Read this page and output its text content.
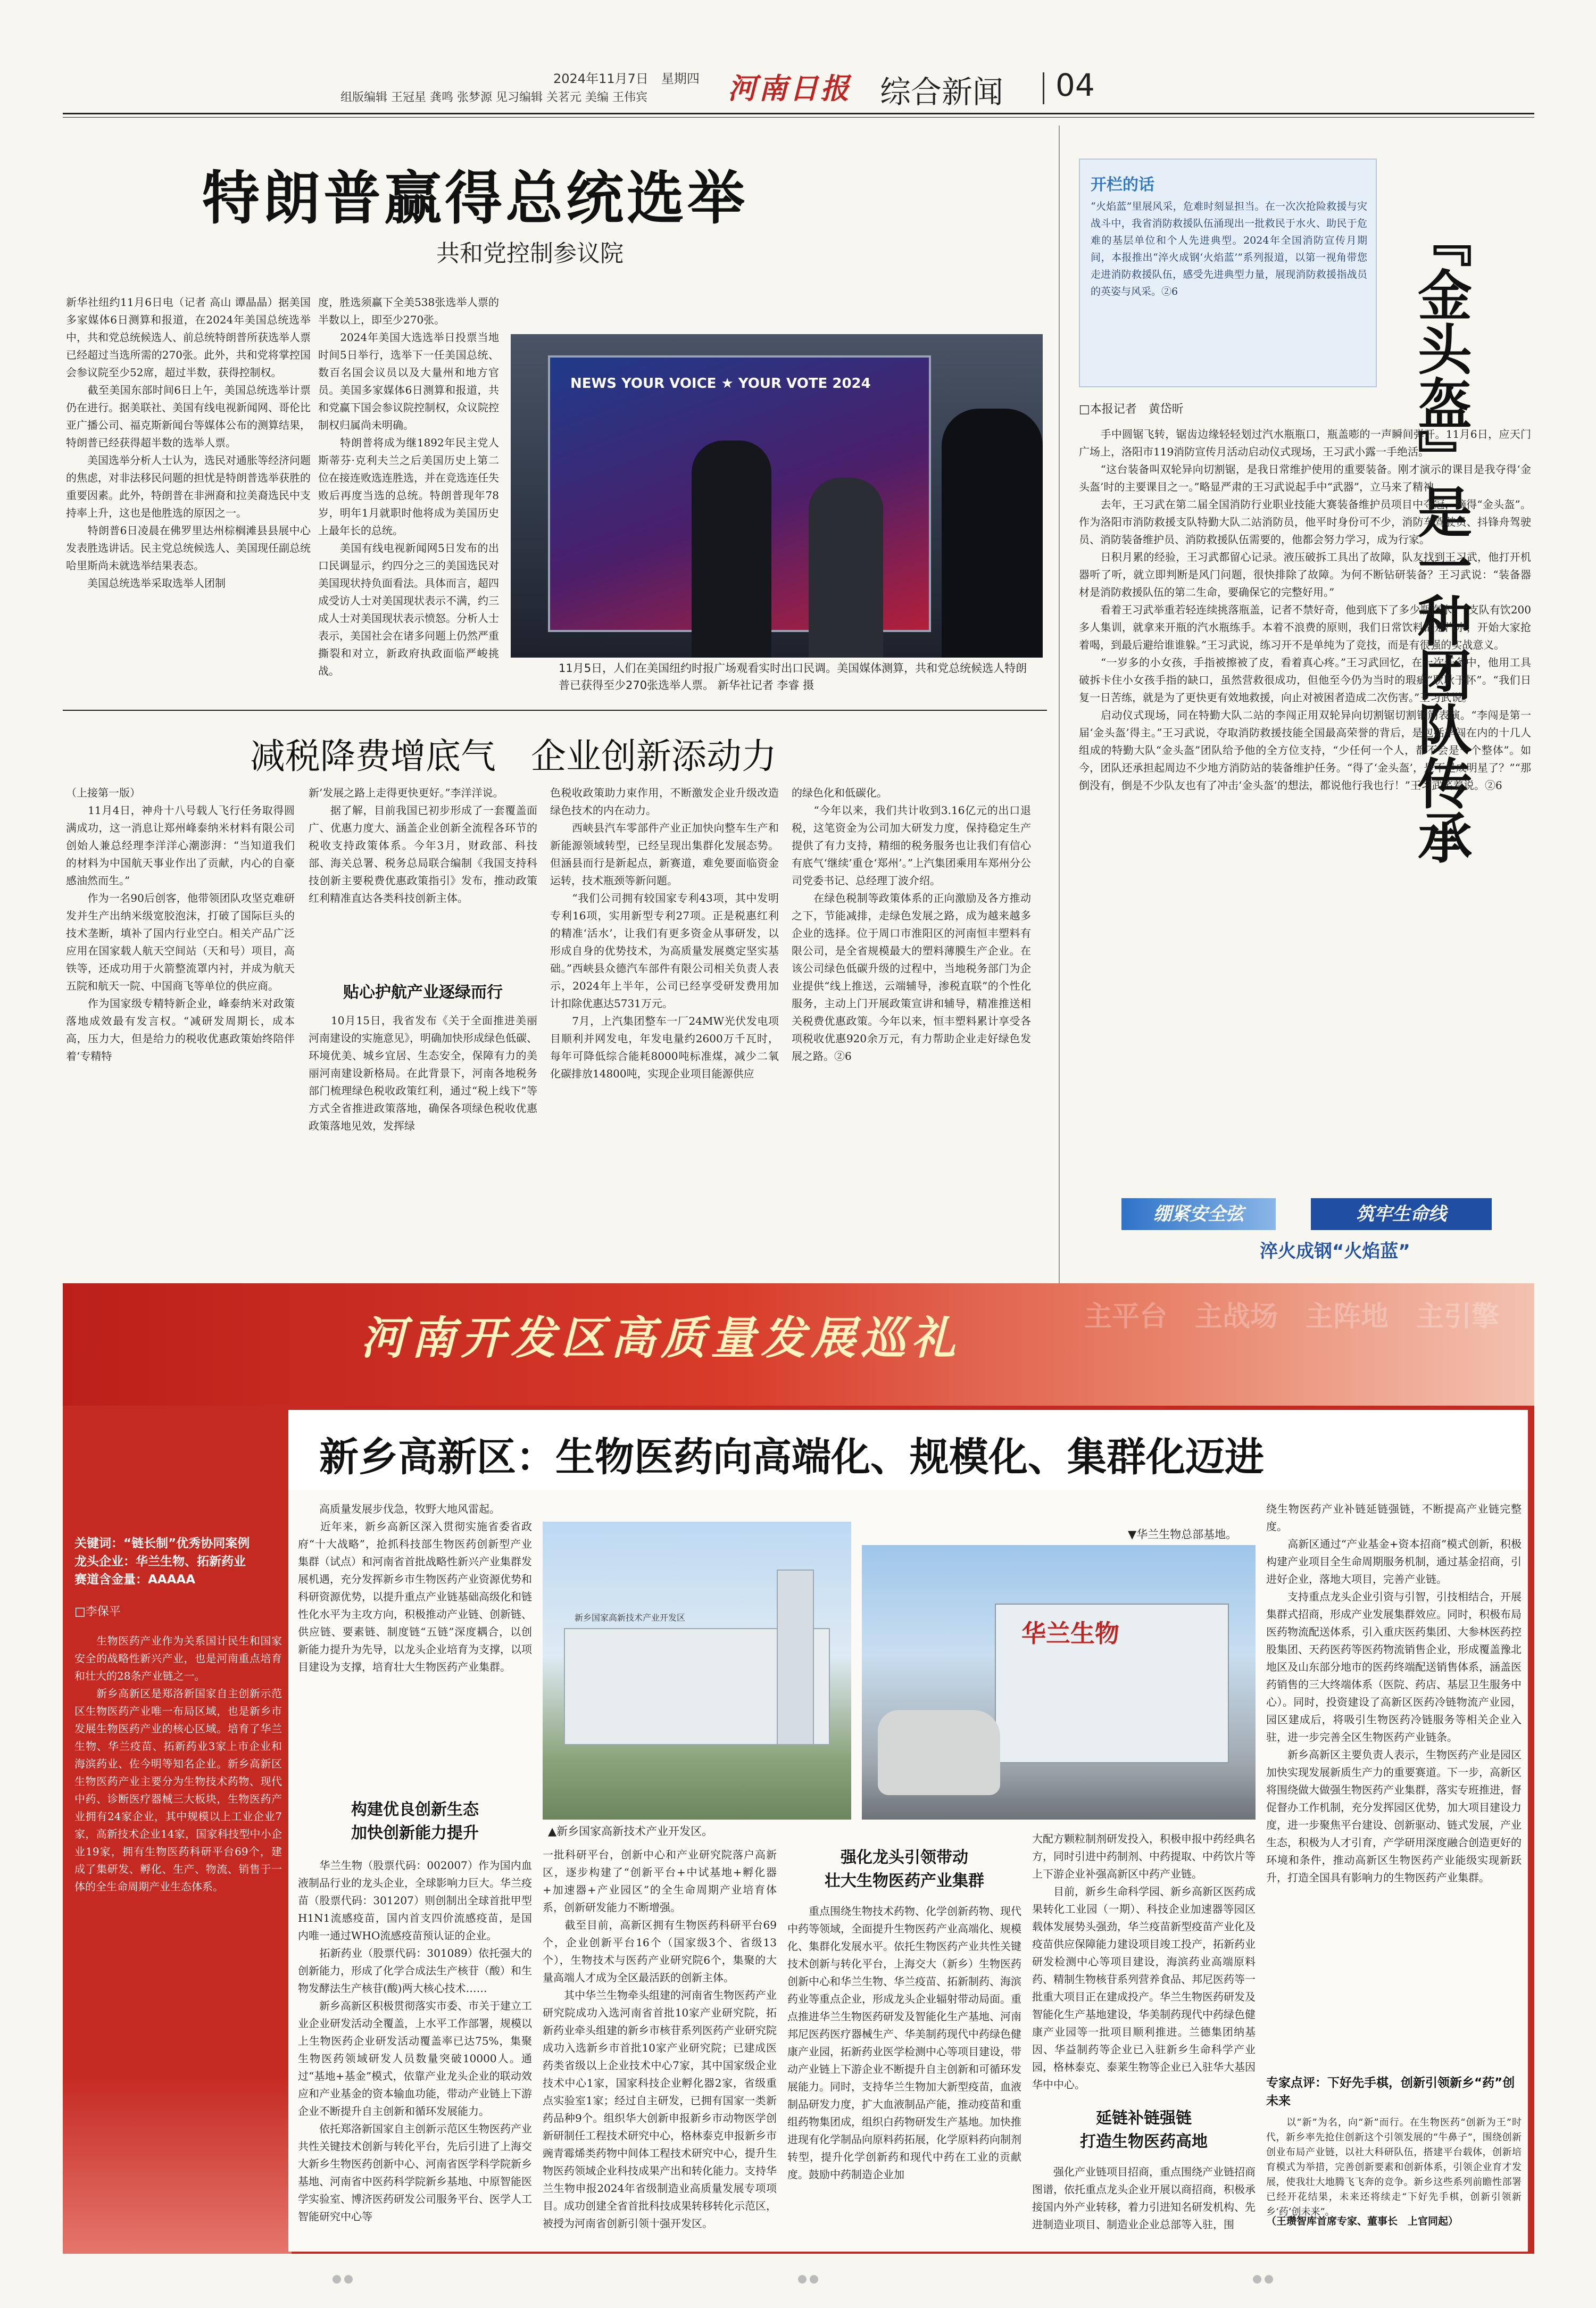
2024年11月7日　星期四
组版编辑 王冠星 龚鸣 张梦源 见习编辑 关茗元 美编 王伟宾	河南日报 综合新闻 04
特朗普赢得总统选举
共和党控制参议院
新华社纽约11月6日电（记者 高山 谭晶晶）据美国多家媒体6日测算和报道，在2024年美国总统选举中，共和党总统候选人、前总统特朗普所获选举人票已经超过当选所需的270张。此外，共和党将掌控国会参议院至少52席，超过半数，获得控制权。
　　截至美国东部时间6日上午，美国总统选举计票仍在进行。据美联社、美国有线电视新闻网、哥伦比亚广播公司、福克斯新闻台等媒体公布的测算结果，特朗普已经获得超半数的选举人票。
　　美国选举分析人士认为，选民对通胀等经济问题的焦虑，对非法移民问题的担忧是特朗普选举获胜的重要因素。此外，特朗普在非洲裔和拉美裔选民中支持率上升，这也是他胜选的原因之一。
　　特朗普6日凌晨在佛罗里达州棕榈滩县县展中心发表胜选讲话。民主党总统候选人、美国现任副总统哈里斯尚未就选举结果表态。
　　美国总统选举采取选举人团制
度，胜选须赢下全美538张选举人票的半数以上，即至少270张。
　　2024年美国大选选举日投票当地时间5日举行，选举下一任美国总统、数百名国会议员以及大量州和地方官员。美国多家媒体6日测算和报道，共和党赢下国会参议院控制权，众议院控制权归属尚未明确。
　　特朗普将成为继1892年民主党人斯蒂芬·克利夫兰之后美国历史上第二位在接连败选连胜选，并在竞选连任失败后再度当选的总统。特朗普现年78岁，明年1月就职时他将成为美国历史上最年长的总统。
　　美国有线电视新闻网5日发布的出口民调显示，约四分之三的美国选民对美国现状持负面看法。具体而言，超四成受访人士对美国现状表示不满，约三成人士对美国现状表示愤怒。分析人士表示，美国社会在诸多问题上仍然严重撕裂和对立，新政府执政面临严峻挑战。
NEWS YOUR VOICE ★ YOUR VOTE 2024
11月5日，人们在美国纽约时报广场观看实时出口民调。美国媒体测算，共和党总统候选人特朗普已获得至少270张选举人票。 新华社记者 李睿 摄
减税降费增底气　企业创新添动力
（上接第一版）
　　11月4日，神舟十八号载人飞行任务取得圆满成功，这一消息让郑州峰泰纳米材料有限公司创始人兼总经理李洋洋心潮澎湃：“当知道我们的材料为中国航天事业作出了贡献，内心的自豪感油然而生。”
　　作为一名90后创客，他带领团队攻坚克难研发并生产出纳米级宽胶泡沫，打破了国际巨头的技术垄断，填补了国内行业空白。相关产品广泛应用在国家载人航天空间站（天和号）项目，高铁等，还成功用于火箭整流罩内衬，并成为航天五院和航天一院、中国商飞等单位的供应商。
　　作为国家级专精特新企业，峰泰纳米对政策落地成效最有发言权。“减研发周期长，成本高，压力大，但是给力的税收优惠政策始终陪伴着‘专精特
新’发展之路上走得更快更好。”李洋洋说。
　　据了解，目前我国已初步形成了一套覆盖面广、优惠力度大、涵盖企业创新全流程各环节的税收支持政策体系。今年3月，财政部、科技部、海关总署、税务总局联合编制《我国支持科技创新主要税费优惠政策指引》发布，推动政策红利精准直达各类科技创新主体。
贴心护航产业逐绿而行
　　10月15日，我省发布《关于全面推进美丽河南建设的实施意见》，明确加快形成绿色低碳、环境优美、城乡宜居、生态安全，保障有力的美丽河南建设新格局。在此背景下，河南各地税务部门梳理绿色税收政策红利，通过“税上线下”等方式全省推进政策落地，确保各项绿色税收优惠政策落地见效，发挥绿
色税收政策助力束作用，不断激发企业升级改造绿色技术的内在动力。
　　西峡县汽车零部件产业正加快向整车生产和新能源领域转型，已经呈现出集群化发展态势。但涵县而行是新起点，新赛道，难免要面临资金运转，技术瓶颈等新问题。
　　“我们公司拥有较国家专利43项，其中发明专利16项，实用新型专利27项。正是税惠红利的精准‘活水’，让我们有更多资金从事研发，以形成自身的优势技术，为高质量发展奠定坚实基础。”西峡县众德汽车部件有限公司相关负责人表示，2024年上半年，公司已经享受研发费用加计扣除优惠达5731万元。
　　7月，上汽集团整车一厂24MW光伏发电项目顺利并网发电，年发电量约2600万千瓦时，每年可降低综合能耗8000吨标准煤，减少二氧化碳排放14800吨，实现企业项目能源供应
的绿色化和低碳化。
　　“今年以来，我们共计收到3.16亿元的出口退税，这笔资金为公司加大研发力度，保持稳定生产提供了有力支持，精细的税务服务也让我们有信心有底气‘继续’重仓‘郑州’。”上汽集团乘用车郑州分公司党委书记、总经理丁波介绍。
　　在绿色税制等政策体系的正向激励及各方推动之下，节能减排，走绿色发展之路，成为越来越多企业的选择。位于周口市淮阳区的河南恒丰塑料有限公司，是全省规模最大的塑料薄膜生产企业。在该公司绿色低碳升级的过程中，当地税务部门为企业提供“线上推送，云端辅导，渗税直联”的个性化服务，主动上门开展政策宣讲和辅导，精准推送相关税费优惠政策。今年以来，恒丰塑料累计享受各项税收优惠920余万元，有力帮助企业走好绿色发展之路。②6
开栏的话
“火焰蓝”里展风采，危难时刻显担当。在一次次抢险救援与灾战斗中，我省消防救援队伍涌现出一批救民于水火、助民于危难的基层单位和个人先进典型。2024年全国消防宣传月期间，本报推出“淬火成钢‘火焰蓝’”系列报道，以第一视角带您走进消防救援队伍，感受先进典型力量，展现消防救援指战员的英姿与风采。②6	『金头盔』是一种团队传承
□本报记者　黄岱昕
　　手中圆锯飞转，锯齿边缘轻轻划过汽水瓶瓶口，瓶盖嘭的一声瞬间弹开。11月6日，应天门广场上，洛阳市119消防宣传月活动启动仪式现场，王习武小露一手绝活。
　　“这台装备叫双轮异向切割锯，是我日常维护使用的重要装备。刚才演示的课目是我夺得‘金头盔’时的主要课目之一。”略显严肃的王习武说起手中“武器”，立马来了精神。
　　去年，王习武在第二届全国消防行业职业技能大赛装备维护员项目中夺冠，摘得“金头盔”。作为洛阳市消防救援支队特勤大队二站消防员，他平时身份可不少，消防车驾驶员、抖锋舟驾驶员、消防装备维护员、消防救援队伍需要的，他都会努力学习，成为行家。
　　日积月累的经验，王习武都留心记录。液压破拆工具出了故障，队友找到王习武，他打开机器听了听，就立即判断是风门问题，很快排除了故障。为何不断钻研装备？王习武说：“装备器材是消防救援队伍的第二生命，要确保它的完整好用。”
　　看着王习武举重若轻连续挑落瓶盖，记者不禁好奇，他到底下了多少瓶汽水？“支队有饮200多人集训，就拿来开瓶的汽水瓶练手。本着不浪费的原则，我们日常饮料都是汽水，开始大家抢着喝，到最后避给谁谁躲。”王习武说，练习开不是单纯为了竞技，而是有很强的实战意义。
　　“一岁多的小女孩，手指被擦被了皮，看着真心疼。”王习武回忆，在一次任务中，他用工具破拆卡住小女孩手指的缺口，虽然营救很成功，但他至今仍为当时的瑕疵“耿耿于怀”。“我们日复一日苦练，就是为了更快更有效地救援，向止对被困者造成二次伤害。”王习武说。
　　启动仪式现场，同在特勤大队二站的李闯正用双轮异向切割锯切割钢筋表演。“李闯是第一届‘金头盔’得主。”王习武说，夺取消防救援技能全国最高荣誉的背后，是包括李闯在内的十几人组成的特勤大队“金头盔”团队给予他的全方位支持，“少任何一个人，都不会是一个整体”。如今，团队还承担起周边不少地方消防站的装备维护任务。“得了‘金头盔’，是不是成明星了？”“那倒没有，倒是不少队友也有了冲击‘金头盔’的想法，都说他行我也行！”王习武笑着说。②6
绷紧安全弦	筑牢生命线
淬火成钢“火焰蓝”
主平台　主战场　主阵地　主引擎
河南开发区高质量发展巡礼
新乡高新区：生物医药向高端化、规模化、集群化迈进
关键词：“链长制”优秀协同案例
龙头企业：华兰生物、拓新药业
赛道含金量：AAAAA
□李保平
　　生物医药产业作为关系国计民生和国家安全的战略性新兴产业，也是河南重点培育和壮大的28条产业链之一。
　　新乡高新区是郑洛新国家自主创新示范区生物医药产业唯一布局区域，也是新乡市发展生物医药产业的核心区域。培育了华兰生物、华兰疫苗、拓新药业3家上市企业和海滨药业、佐今明等知名企业。新乡高新区生物医药产业主要分为生物技术药物、现代中药、诊断医疗器械三大板块，生物医药产业拥有24家企业，其中规模以上工业企业7家，高新技术企业14家，国家科技型中小企业19家，拥有生物医药科研平台69个，建成了集研发、孵化、生产、物流、销售于一体的全生命周期产业生态体系。
　　高质量发展步伐急，牧野大地风雷起。
　　近年来，新乡高新区深入贯彻实施省委省政府“十大战略”，抢抓科技部生物医药创新型产业集群（试点）和河南省首批战略性新兴产业集群发展机遇，充分发挥新乡市生物医药产业资源优势和科研资源优势，以提升重点产业链基础高级化和链性化水平为主攻方向，积极推动产业链、创新链、供应链、要素链、制度链“五链”深度耦合，以创新能力提升为先导，以龙头企业培育为支撑，以项目建设为支撑，培育壮大生物医药产业集群。
构建优良创新生态
加快创新能力提升
　　华兰生物（股票代码：002007）作为国内血液制品行业的龙头企业，全球影响力巨大。华兰疫苗（股票代码：301207）则创制出全球首批甲型H1N1流感疫苗，国内首支四价流感疫苗，是国内唯一通过WHO流感疫苗预认证的企业。
　　拓新药业（股票代码：301089）依托强大的创新能力，形成了化学合成法生产核苷（酸）和生物发酵法生产核苷(酸)两大核心技术……
　　新乡高新区积极贯彻落实市委、市关于建立工业企业研发活动全覆盖，上水平工作部署，规模以上生物医药企业研发活动覆盖率已达75%，集聚生物医药领域研发人员数量突破10000人。通过“基地+基金”模式，依靠产业龙头企业的联动效应和产业基金的资本输血功能，带动产业链上下游企业不断提升自主创新和循环发展能力。
　　依托郑洛新国家自主创新示范区生物医药产业共性关键技术创新与转化平台，先后引进了上海交大新乡生物医药创新中心、河南省医学科学院新乡基地、河南省中医药科学院新乡基地、中原智能医学实验室、博济医药研发公司服务平台、医学人工智能研究中心等
新乡国家高新技术产业开发区
▲新乡国家高新技术产业开发区。
▼华兰生物总部基地。
华兰生物
一批科研平台，创新中心和产业研究院落户高新区，逐步构建了“创新平台+中试基地+孵化器+加速器+产业园区”的全生命周期产业培育体系，创新研发能力不断增强。
　　截至目前，高新区拥有生物医药科研平台69个，企业创新平台16个（国家级3个、省级13个），生物技术与医药产业研究院6个，集聚的大量高端人才成为全区最活跃的创新主体。
　　其中华兰生物牵头组建的河南省生物医药产业研究院成功入选河南省首批10家产业研究院，拓新药业牵头组建的新乡市核苷系列医药产业研究院成功入选新乡市首批10家产业研究院；已建成医药类省级以上企业技术中心7家，其中国家级企业技术中心1家，国家科技企业孵化器2家，省级重点实验室1家；经过自主研发，已拥有国家一类新药品种9个。组织华大创新申报新乡市动物医学创新研制任工程技术研究中心，格林泰克申报新乡市豌青霉烯类药物中间体工程技术研究中心，提升生物医药领域企业科技成果产出和转化能力。支持华兰生物申报2024年省级制造业高质量发展专项项目。成功创建全省首批科技成果转移转化示范区，被授为河南省创新引领十强开发区。
强化龙头引领带动
壮大生物医药产业集群
　　重点围绕生物技术药物、化学创新药物、现代中药等领域，全面提升生物医药产业高端化、规模化、集群化发展水平。依托生物医药产业共性关键技术创新与转化平台，上海交大（新乡）生物医药创新中心和华兰生物、华兰疫苗、拓新制药、海滨药业等重点企业，形成龙头企业辐射带动局面。重点推进华兰生物医药研发及智能化生产基地、河南邦尼医药医疗器械生产、华美制药现代中药绿色健康产业园，拓新药业医学检测中心等项目建设，带动产业链上下游企业不断提升自主创新和可循环发展能力。同时，支持华兰生物加大新型疫苗，血液制品研发力度，扩大血液制品产能，推动疫苗和重组药物集团成，组织白药物研发生产基地。加快推进现有化学制品向原料药拓展，化学原料药向制剂转型，提升化学创新药和现代中药在工业的贡献度。鼓励中药制造企业加
大配方颗粒制剂研发投入，积极申报中药经典名方，同时引进中药制剂、中药提取、中药饮片等上下游企业补强高新区中药产业链。
　　目前，新乡生命科学园、新乡高新区医药成果转化工业园（一期）、科技企业加速器等园区载体发展势头强劲，华兰疫苗新型疫苗产业化及疫苗供应保障能力建设项目竣工投产，拓新药业研发检测中心等项目建设，海滨药业高端原料药、精制生物核苷系列营养食品、邦尼医药等一批重大项目正在建成投产。华兰生物医药研发及智能化生产基地建设，华美制药现代中药绿色健康产业园等一批项目顺利推进。兰德集团纳基因、华益制药等企业已入驻新乡生命科学产业园，格林泰克、泰莱生物等企业已入驻华大基因华中中心。
延链补链强链
打造生物医药高地
　　强化产业链项目招商，重点围绕产业链招商图谱，依托重点龙头企业开展以商招商，积极承接国内外产业转移，着力引进知名研发机构、先进制造业项目、制造业企业总部等入驻，围
绕生物医药产业补链延链强链，不断提高产业链完整度。
　　高新区通过“产业基金+资本招商”模式创新，积极构建产业项目全生命周期服务机制，通过基金招商，引进好企业，落地大项目，完善产业链。
　　支持重点龙头企业引资与引智，引技相结合，开展集群式招商，形成产业发展集群效应。同时，积极布局医药物流配送体系，引入重庆医药集团、大参林医药控股集团、天药医药等医药物流销售企业，形成覆盖豫北地区及山东部分地市的医药终端配送销售体系，涵盖医药销售的三大终端体系（医院、药店、基层卫生服务中心）。同时，投资建设了高新区医药冷链物流产业园，园区建成后，将吸引生物医药冷链服务等相关企业入驻，进一步完善全区生物医药产业链条。
　　新乡高新区主要负责人表示，生物医药产业是园区加快实现发展新质生产力的重要赛道。下一步，高新区将围绕做大做强生物医药产业集群，落实专班推进，督促督办工作机制，充分发挥园区优势，加大项目建设力度，进一步聚焦平台建设、创新驱动、链式发展，产业生态，积极为人才引育，产学研用深度融合创造更好的环境和条件，推动高新区生物医药产业能级实现新跃升，打造全国具有影响力的生物医药产业集群。
专家点评：下好先手棋，创新引领新乡“药”创未来
　　以“新”为名，向“新”而行。在生物医药“创新为王”时代，新乡率先抢住创新这个引领发展的“牛鼻子”，围绕创新创业布局产业链，以社大科研队伍，搭建平台载体，创新培育模式为举措，完善创新要素和创新体系，引领企业育才发展，使我壮大地腾飞飞奔的竞争。新乡这些系列前瞻性部署已经开花结果，未来还将续走“下好先手棋，创新引领新乡‘药’创未来”。
（王瓒智库首席专家、董事长　上官同起）
